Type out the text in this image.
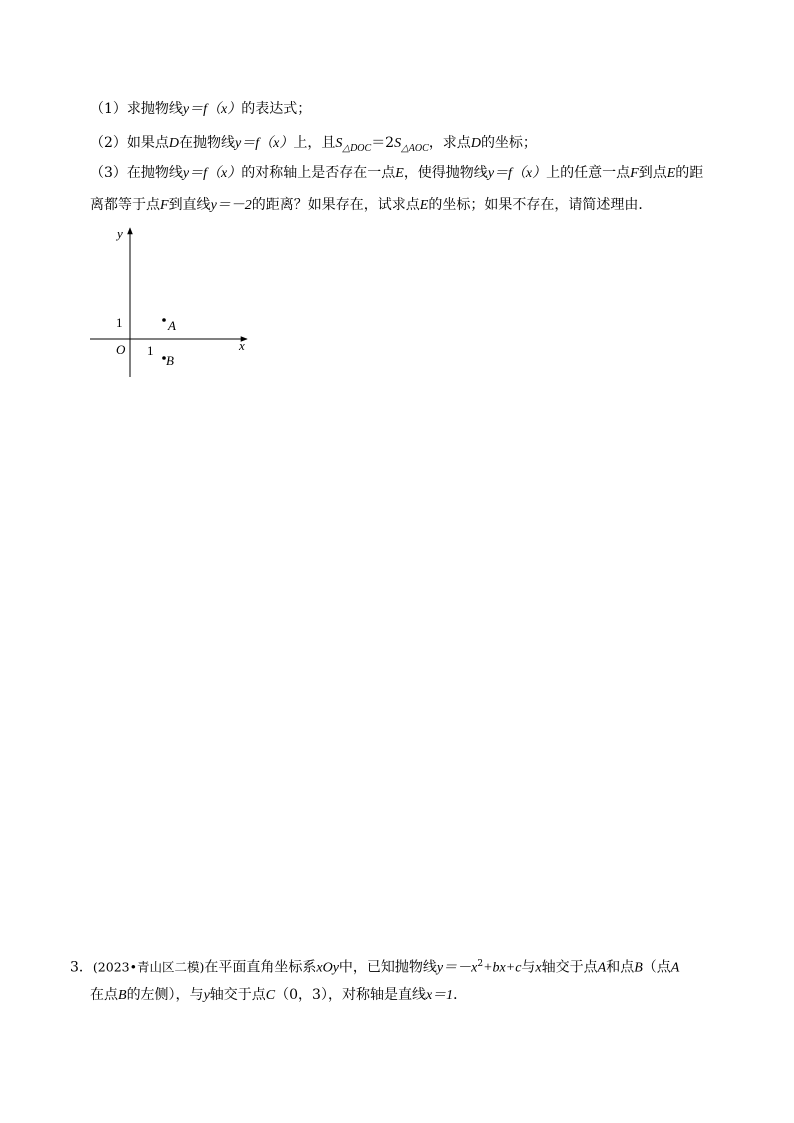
（1）求抛物线y＝f（x）的表达式；
（2）如果点D在抛物线y＝f（x）上，且$S_{\triangle DOC}=2S_{\triangle AOC}$，求点D的坐标；
（3）在抛物线y＝f（x）的对称轴上是否存在一点E，使得抛物线y＝f（x）上的任意一点F到点E的距
离都等于点F到直线y＝－2的距离？如果存在，试求点E的坐标；如果不存在，请简述理由．
y
x
O
1
1
A
B
3．(2023•青山区二模)在平面直角坐标系xOy中，已知抛物线$y=-x^2+bx+c$与x轴交于点A和点B（点A
在点B的左侧），与y轴交于点C（0，3），对称轴是直线x＝1．
